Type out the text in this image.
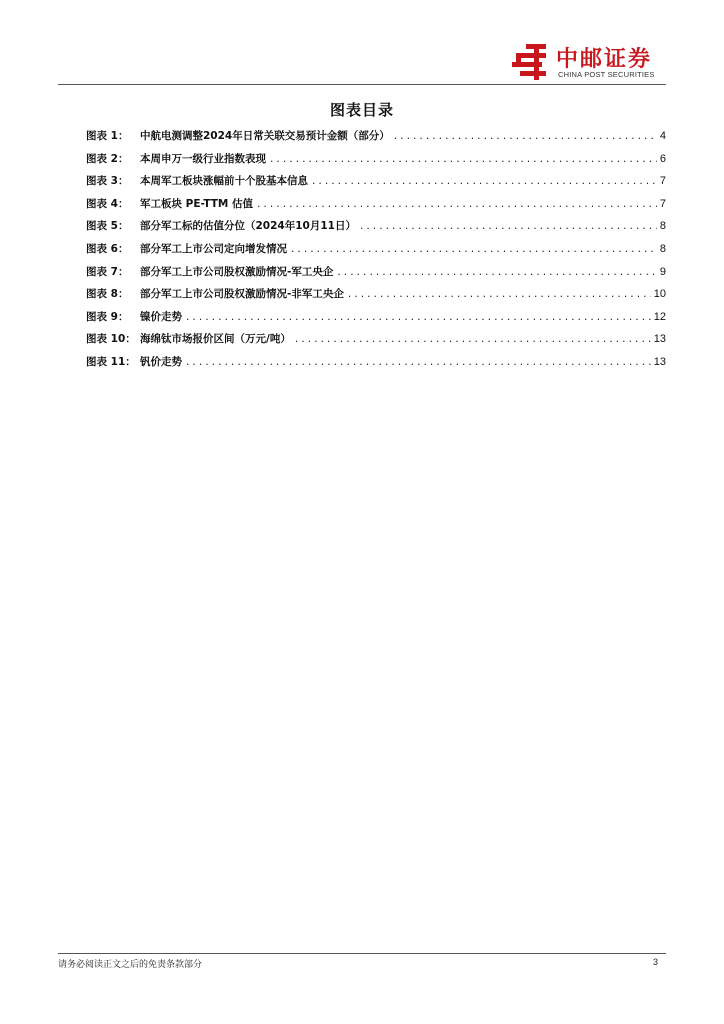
中邮证券
CHINA POST SECURITIES
图表目录
图表 1：	中航电测调整2024年日常关联交易预计金额（部分） .....	4
图表 2：	本周申万一级行业指数表现 .....	6
图表 3：	本周军工板块涨幅前十个股基本信息 .....	7
图表 4：	军工板块 PE-TTM 估值 .....	7
图表 5：	部分军工标的估值分位（2024年10月11日） .....	8
图表 6：	部分军工上市公司定向增发情况 .....	8
图表 7：	部分军工上市公司股权激励情况-军工央企 .....	9
图表 8：	部分军工上市公司股权激励情况-非军工央企 .....	10
图表 9：	镍价走势 .....	12
图表 10： 海绵钛市场报价区间（万元/吨） .....	13
图表 11： 钒价走势 .....	13
请务必阅读正文之后的免责条款部分	3
